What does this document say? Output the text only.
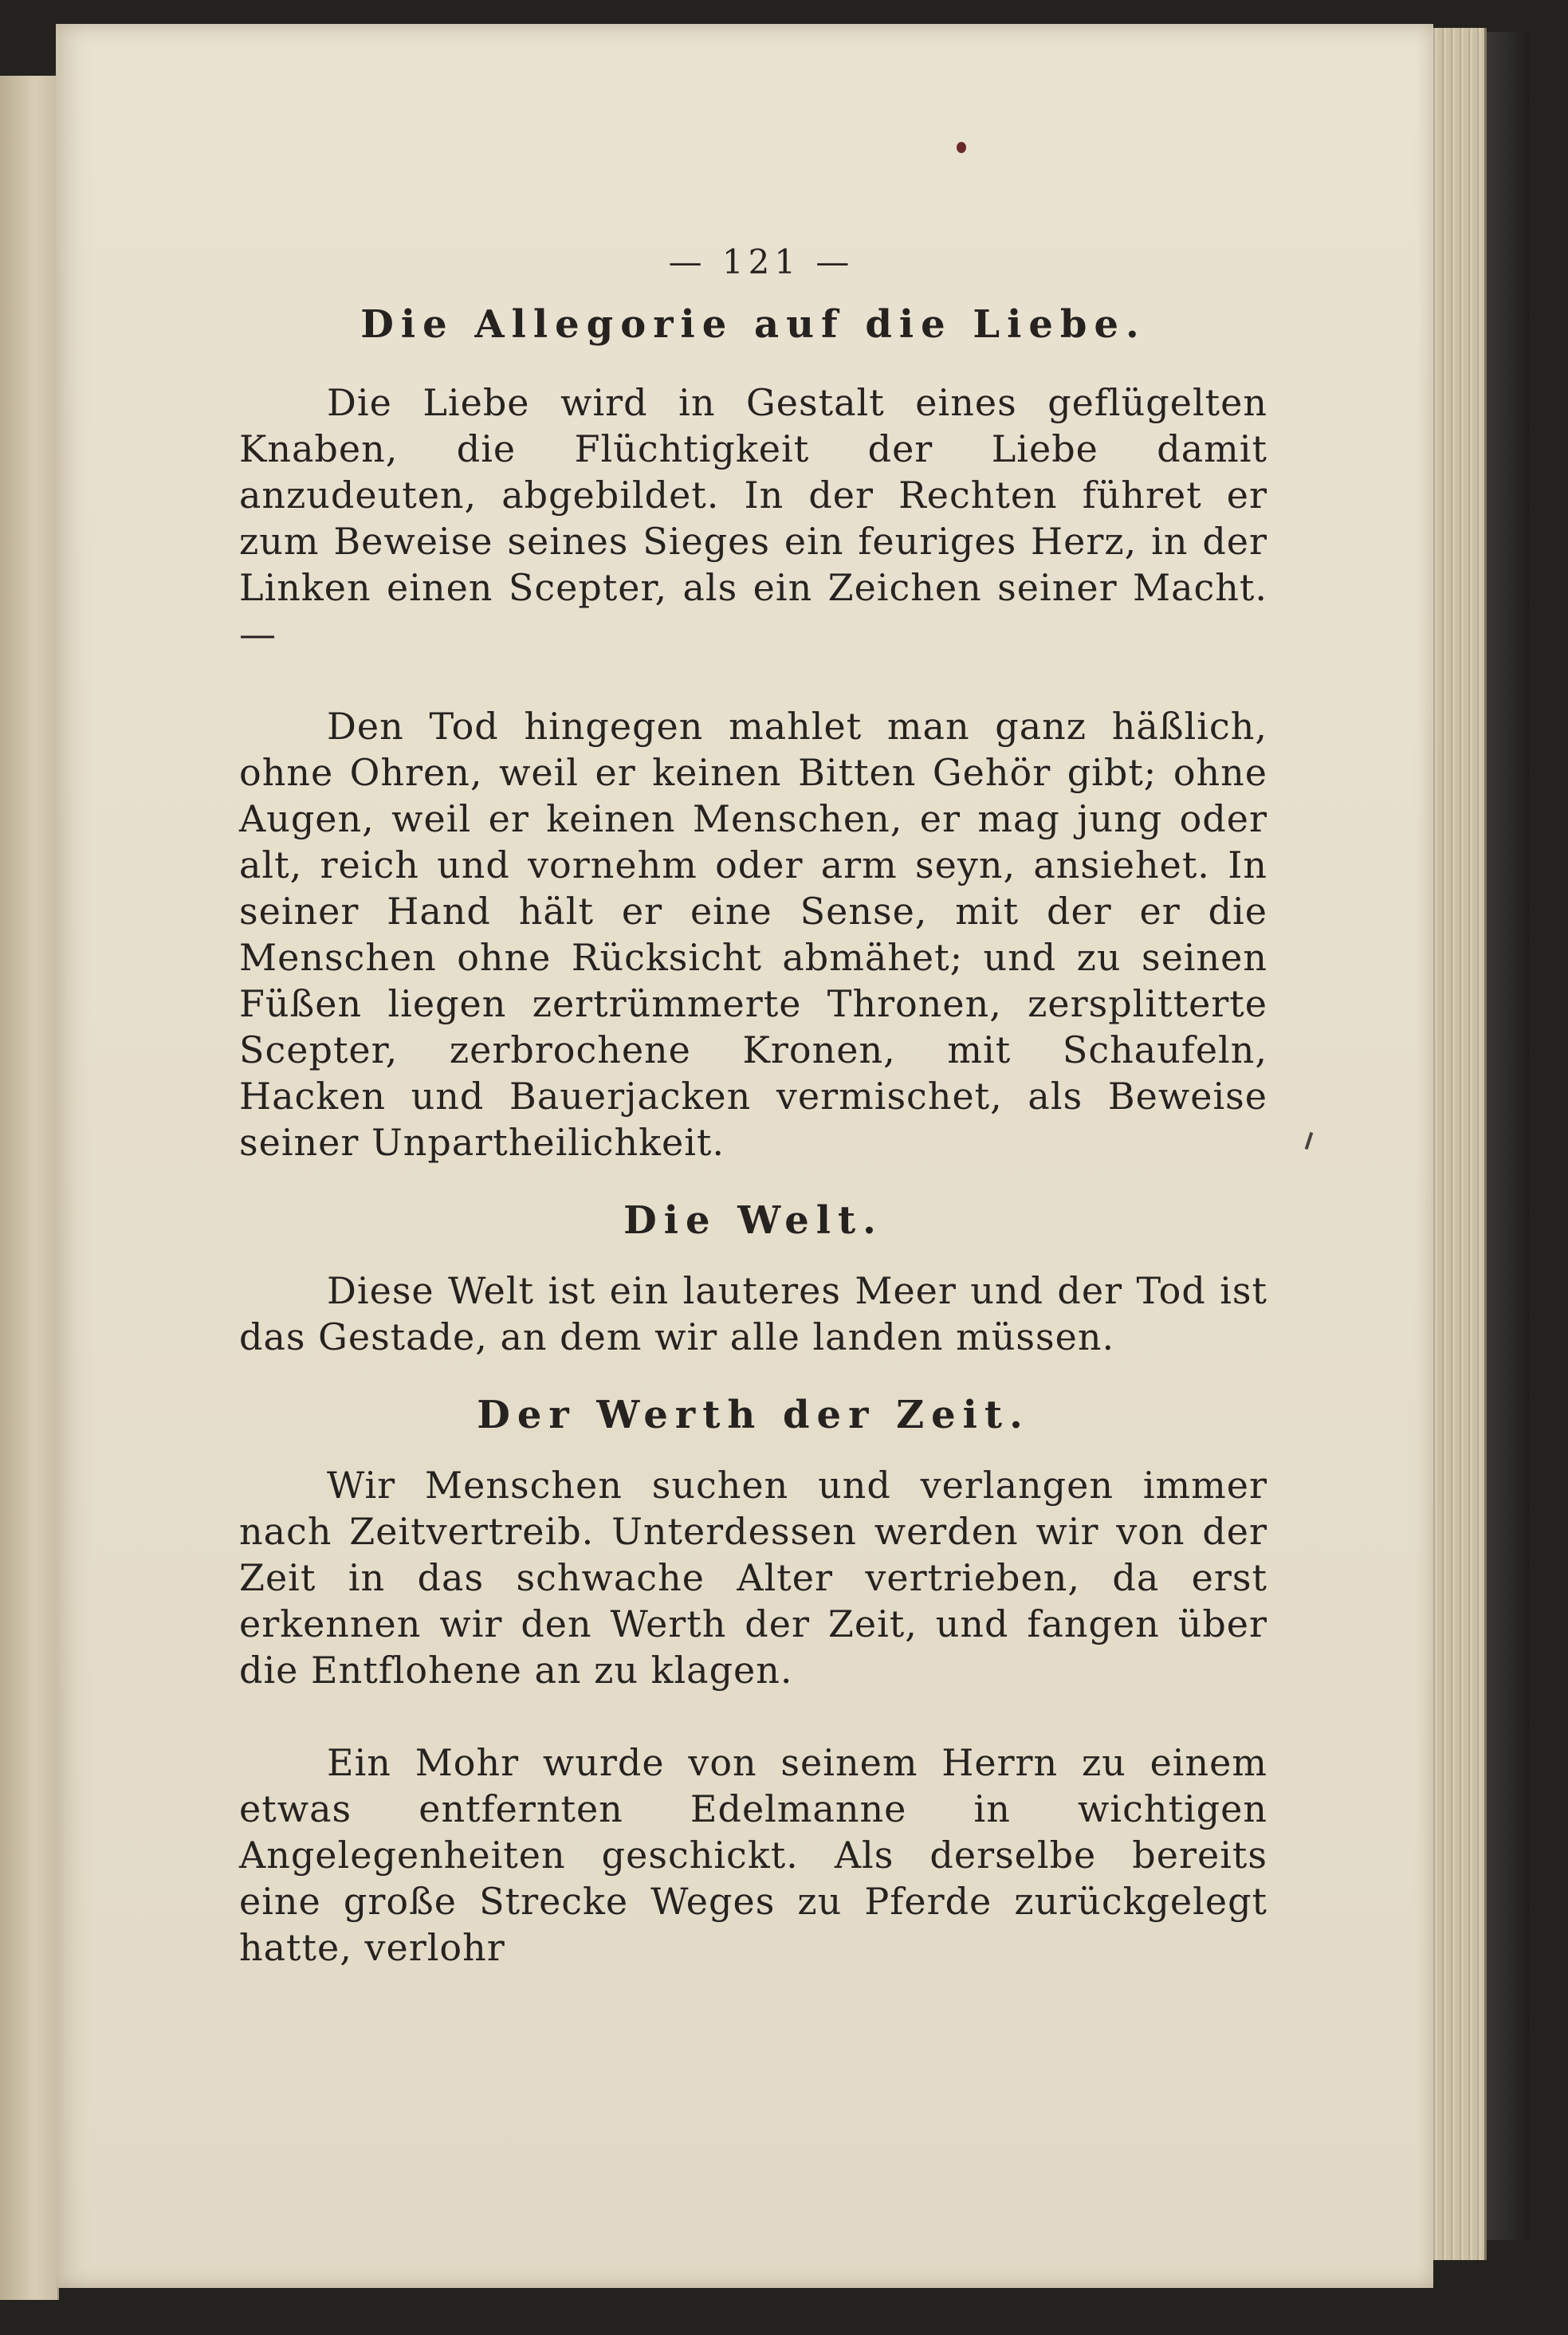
— 121 —
Die Allegorie auf die Liebe.

Die Liebe wird in Gestalt eines geflügelten Knaben, die Flüchtigkeit der Liebe damit anzudeuten, abgebildet. In der Rechten führet er zum Beweise seines Sieges ein feuriges Herz, in der Linken einen Scepter, als ein Zeichen seiner Macht. —

Den Tod hingegen mahlet man ganz häßlich, ohne Ohren, weil er keinen Bitten Gehör gibt; ohne Augen, weil er keinen Menschen, er mag jung oder alt, reich und vornehm oder arm seyn, ansiehet. In seiner Hand hält er eine Sense, mit der er die Menschen ohne Rücksicht abmähet; und zu seinen Füßen liegen zertrümmerte Thronen, zersplitterte Scepter, zerbrochene Kronen, mit Schaufeln, Hacken und Bauerjacken vermischet, als Beweise seiner Unpartheilichkeit.

Die Welt.

Diese Welt ist ein lauteres Meer und der Tod ist das Gestade, an dem wir alle landen müssen.

Der Werth der Zeit.

Wir Menschen suchen und verlangen immer nach Zeitvertreib. Unterdessen werden wir von der Zeit in das schwache Alter vertrieben, da erst erkennen wir den Werth der Zeit, und fangen über die Entflohene an zu klagen.

Ein Mohr wurde von seinem Herrn zu einem etwas entfernten Edelmanne in wichtigen Angelegenheiten geschickt. Als derselbe bereits eine große Strecke Weges zu Pferde zurückgelegt hatte, verlohr
